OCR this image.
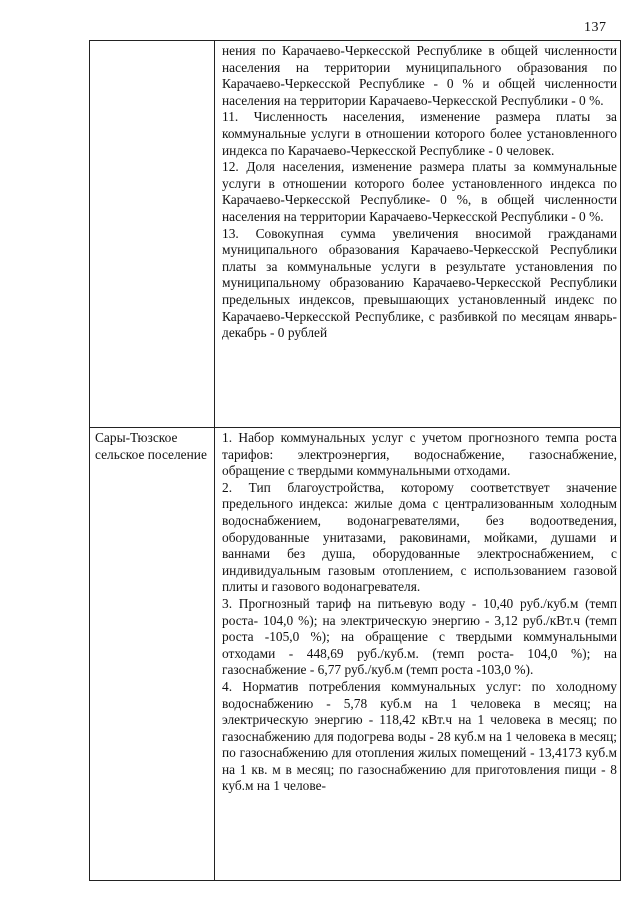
137

	нения по Карачаево-Черкесской Республике в общей численности населения на территории муниципального образования по Карачаево-Черкесской Республике - 0 % и общей численности населения на территории Карачаево-Черкесской Республики - 0 %.

11. Численность населения, изменение размера платы за коммунальные услуги в отношении которого более установленного индекса по Карачаево-Черкесской Республике - 0 человек.

12. Доля населения, изменение размера платы за коммунальные услуги в отношении которого более установленного индекса по Карачаево-Черкесской Республике- 0 %, в общей численности населения на территории Карачаево-Черкесской Республики - 0 %.

13. Совокупная сумма увеличения вносимой гражданами муниципального образования Карачаево-Черкесской Республики платы за коммунальные услуги в результате установления по муниципальному образованию Карачаево-Черкесской Республики предельных индексов, превышающих установленный индекс по Карачаево-Черкесской Республике, с разбивкой по месяцам январь-декабрь - 0 рублей

Сары-Тюзское сельское поселение	1. Набор коммунальных услуг с учетом прогнозного темпа роста тарифов: электроэнергия, водоснабжение, газоснабжение, обращение с твердыми коммунальными отходами.

2. Тип благоустройства, которому соответствует значение предельного индекса: жилые дома с централизованным холодным водоснабжением, водонагревателями, без водоотведения, оборудованные унитазами, раковинами, мойками, душами и ваннами без душа, оборудованные электроснабжением, с индивидуальным газовым отоплением, с использованием газовой плиты и газового водонагревателя.

3. Прогнозный тариф на питьевую воду - 10,40 руб./куб.м (темп роста- 104,0 %); на электрическую энергию - 3,12 руб./кВт.ч (темп роста -105,0 %); на обращение с твердыми коммунальными отходами - 448,69 руб./куб.м. (темп роста- 104,0 %); на газоснабжение - 6,77 руб./куб.м (темп роста -103,0 %).

4. Норматив потребления коммунальных услуг: по холодному водоснабжению - 5,78 куб.м на 1 человека в месяц; на электрическую энергию - 118,42 кВт.ч на 1 человека в месяц; по газоснабжению для подогрева воды - 28 куб.м на 1 человека в месяц; по газоснабжению для отопления жилых помещений - 13,4173 куб.м на 1 кв. м в месяц; по газоснабжению для приготовления пищи - 8 куб.м на 1 челове-
